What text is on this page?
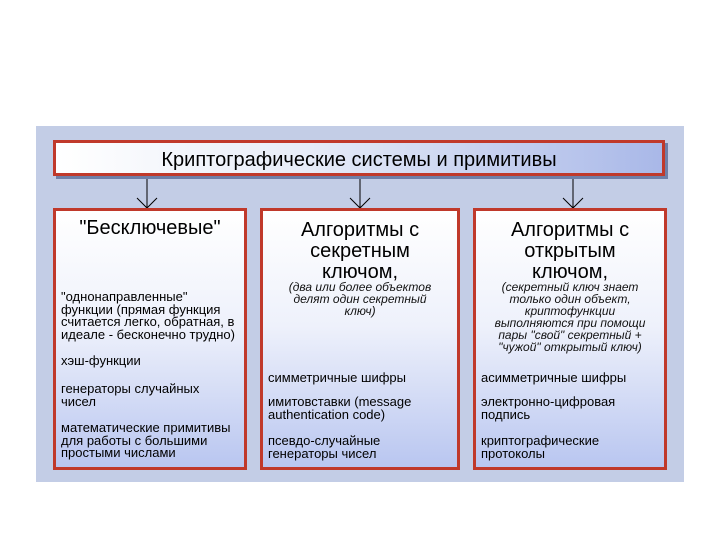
Криптографические системы и примитивы
"Бесключевые"
"однонаправленные"
функции (прямая функция
считается легко, обратная, в
идеале - бесконечно трудно)
хэш-функции
генераторы случайных
чисел
математические примитивы
для работы с большими
простыми числами
Алгоритмы с
секретным
ключом,
(два или более объектов
делят один секретный
ключ)
симметричные шифры
имитовставки (message
authentication code)
псевдо-случайные
генераторы чисел
Алгоритмы с
открытым
ключом,
(секретный ключ знает
только один объект,
криптофункции
выполняются при помощи
пары "свой" секретный +
"чужой" открытый ключ)
асимметричные шифры
электронно-цифровая
подпись
криптографические
протоколы
